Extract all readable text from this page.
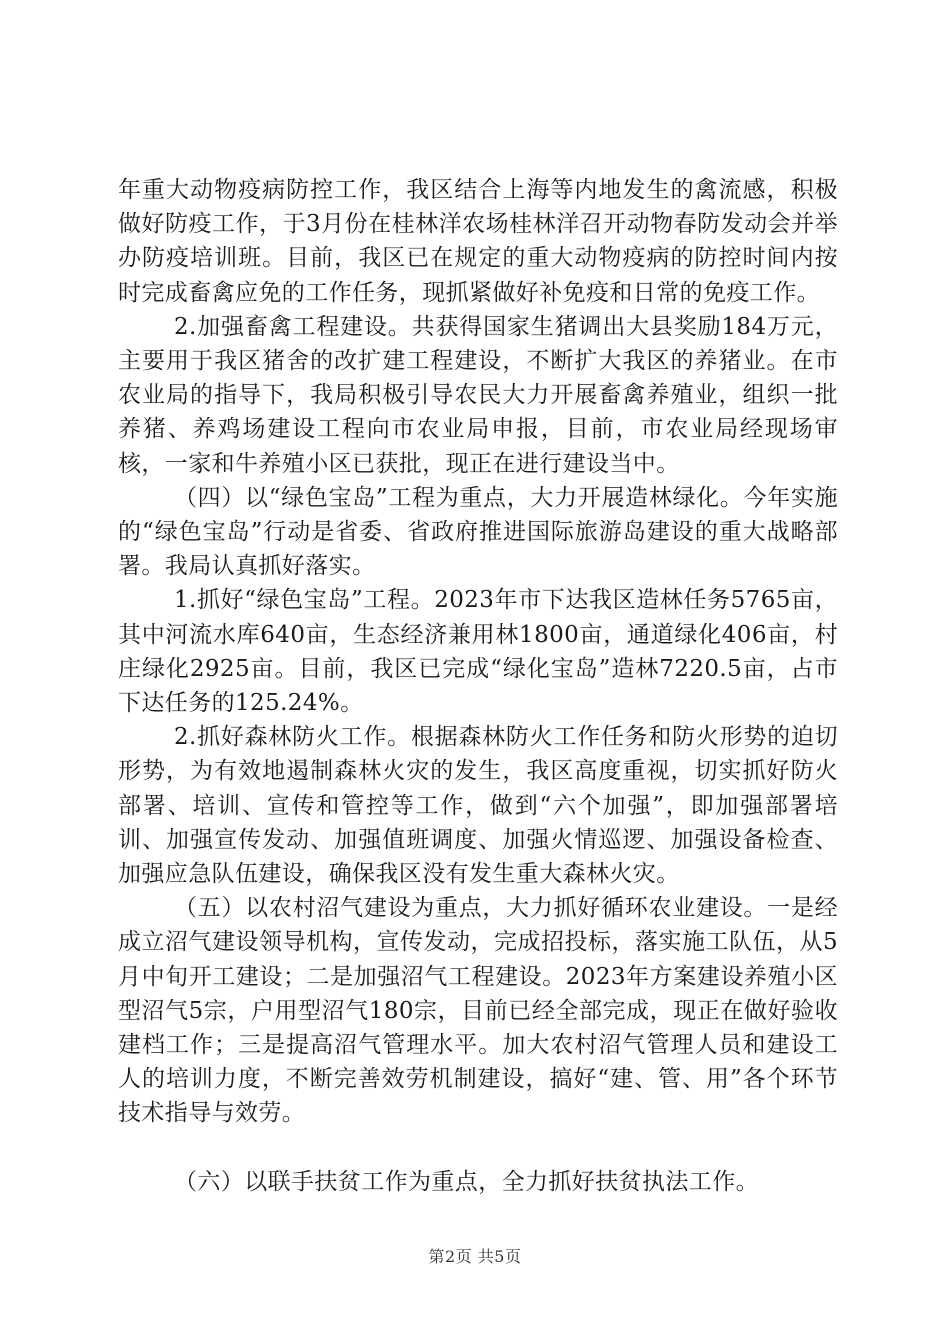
年重大动物疫病防控工作，我区结合上海等内地发生的禽流感，积极做好防疫工作，于3月份在桂林洋农场桂林洋召开动物春防发动会并举办防疫培训班。目前，我区已在规定的重大动物疫病的防控时间内按时完成畜禽应免的工作任务，现抓紧做好补免疫和日常的免疫工作。

2.加强畜禽工程建设。共获得国家生猪调出大县奖励184万元，主要用于我区猪舍的改扩建工程建设，不断扩大我区的养猪业。在市农业局的指导下，我局积极引导农民大力开展畜禽养殖业，组织一批养猪、养鸡场建设工程向市农业局申报，目前，市农业局经现场审核，一家和牛养殖小区已获批，现正在进行建设当中。

（四）以“绿色宝岛”工程为重点，大力开展造林绿化。今年实施的“绿色宝岛”行动是省委、省政府推进国际旅游岛建设的重大战略部署。我局认真抓好落实。

1.抓好“绿色宝岛”工程。2023年市下达我区造林任务5765亩，其中河流水库640亩，生态经济兼用林1800亩，通道绿化406亩，村庄绿化2925亩。目前，我区已完成“绿化宝岛”造林7220.5亩，占市下达任务的125.24%。

2.抓好森林防火工作。根据森林防火工作任务和防火形势的迫切形势，为有效地遏制森林火灾的发生，我区高度重视，切实抓好防火部署、培训、宣传和管控等工作，做到“六个加强”，即加强部署培训、加强宣传发动、加强值班调度、加强火情巡逻、加强设备检查、加强应急队伍建设，确保我区没有发生重大森林火灾。

（五）以农村沼气建设为重点，大力抓好循环农业建设。一是经成立沼气建设领导机构，宣传发动，完成招投标，落实施工队伍，从5月中旬开工建设；二是加强沼气工程建设。2023年方案建设养殖小区型沼气5宗，户用型沼气180宗，目前已经全部完成，现正在做好验收建档工作；三是提高沼气管理水平。加大农村沼气管理人员和建设工人的培训力度，不断完善效劳机制建设，搞好“建、管、用”各个环节技术指导与效劳。

（六）以联手扶贫工作为重点，全力抓好扶贫执法工作。

第2页 共5页
